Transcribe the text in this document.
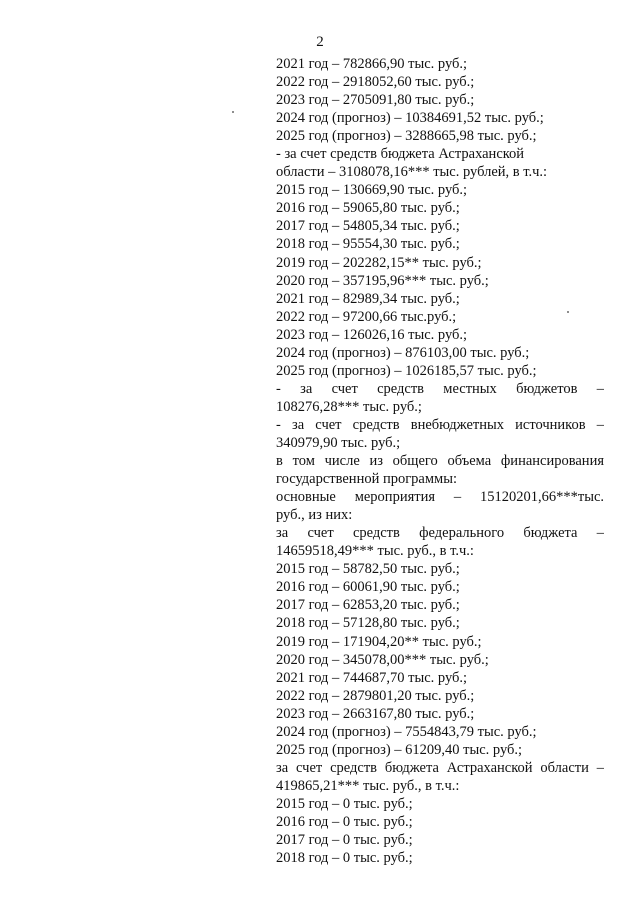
2
2021 год – 782866,90 тыс. руб.;
2022 год – 2918052,60 тыс. руб.;
2023 год – 2705091,80 тыс. руб.;
2024 год (прогноз) – 10384691,52 тыс. руб.;
2025 год (прогноз) – 3288665,98 тыс. руб.;
- за счет средств бюджета Астраханской
области – 3108078,16*** тыс. рублей, в т.ч.:
2015 год – 130669,90 тыс. руб.;
2016 год – 59065,80 тыс. руб.;
2017 год – 54805,34 тыс. руб.;
2018 год – 95554,30 тыс. руб.;
2019 год – 202282,15** тыс. руб.;
2020 год – 357195,96*** тыс. руб.;
2021 год – 82989,34 тыс. руб.;
2022 год – 97200,66 тыс.руб.;
2023 год – 126026,16 тыс. руб.;
2024 год (прогноз) – 876103,00 тыс. руб.;
2025 год (прогноз) – 1026185,57 тыс. руб.;
- за счет средств местных бюджетов –
108276,28*** тыс. руб.;
- за счет средств внебюджетных источников –
340979,90 тыс. руб.;
в том числе из общего объема финансирования
государственной программы:
основные мероприятия – 15120201,66***тыс.
руб., из них:
за счет средств федерального бюджета –
14659518,49*** тыс. руб., в т.ч.:
2015 год – 58782,50 тыс. руб.;
2016 год – 60061,90 тыс. руб.;
2017 год – 62853,20 тыс. руб.;
2018 год – 57128,80 тыс. руб.;
2019 год – 171904,20** тыс. руб.;
2020 год – 345078,00*** тыс. руб.;
2021 год – 744687,70 тыс. руб.;
2022 год – 2879801,20 тыс. руб.;
2023 год – 2663167,80 тыс. руб.;
2024 год (прогноз) – 7554843,79 тыс. руб.;
2025 год (прогноз) – 61209,40 тыс. руб.;
за счет средств бюджета Астраханской области –
419865,21*** тыс. руб., в т.ч.:
2015 год – 0 тыс. руб.;
2016 год – 0 тыс. руб.;
2017 год – 0 тыс. руб.;
2018 год – 0 тыс. руб.;
